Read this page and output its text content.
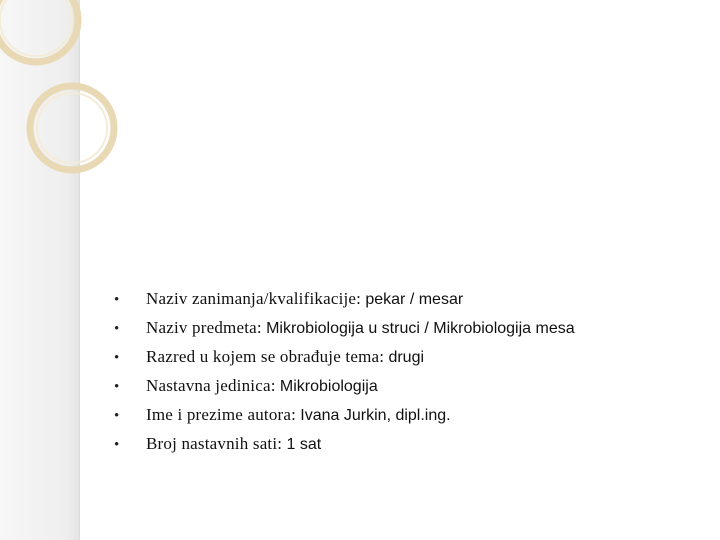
•	Naziv zanimanja/kvalifikacije:
pekar / mesar
•	Naziv predmeta:
Mikrobiologija u struci / Mikrobiologija mesa
•	Razred u kojem se obrađuje tema:
drugi
•	Nastavna jedinica:
Mikrobiologija
•	Ime i prezime autora:
Ivana Jurkin, dipl.ing.
•	Broj nastavnih sati:
1 sat
